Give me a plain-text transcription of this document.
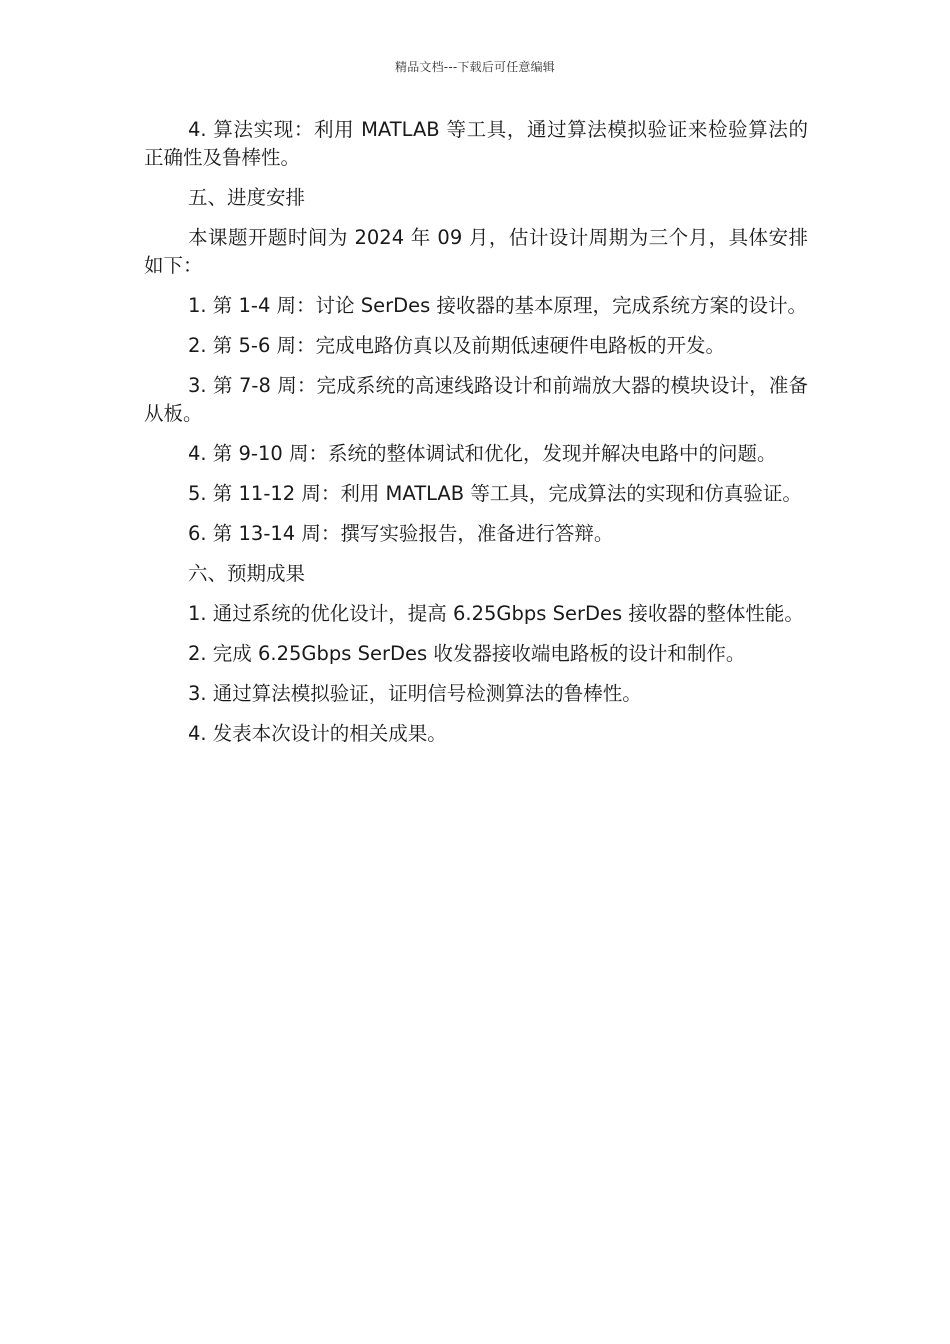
精品文档---下载后可任意编辑

4. 算法实现：利用 MATLAB 等工具，通过算法模拟验证来检验算法的正确性及鲁棒性。

五、进度安排

本课题开题时间为 2024 年 09 月，估计设计周期为三个月，具体安排如下：

1. 第 1-4 周：讨论 SerDes 接收器的基本原理，完成系统方案的设计。

2. 第 5-6 周：完成电路仿真以及前期低速硬件电路板的开发。

3. 第 7-8 周：完成系统的高速线路设计和前端放大器的模块设计，准备从板。

4. 第 9-10 周：系统的整体调试和优化，发现并解决电路中的问题。

5. 第 11-12 周：利用 MATLAB 等工具，完成算法的实现和仿真验证。

6. 第 13-14 周：撰写实验报告，准备进行答辩。

六、预期成果

1. 通过系统的优化设计，提高 6.25Gbps SerDes 接收器的整体性能。

2. 完成 6.25Gbps SerDes 收发器接收端电路板的设计和制作。

3. 通过算法模拟验证，证明信号检测算法的鲁棒性。

4. 发表本次设计的相关成果。
